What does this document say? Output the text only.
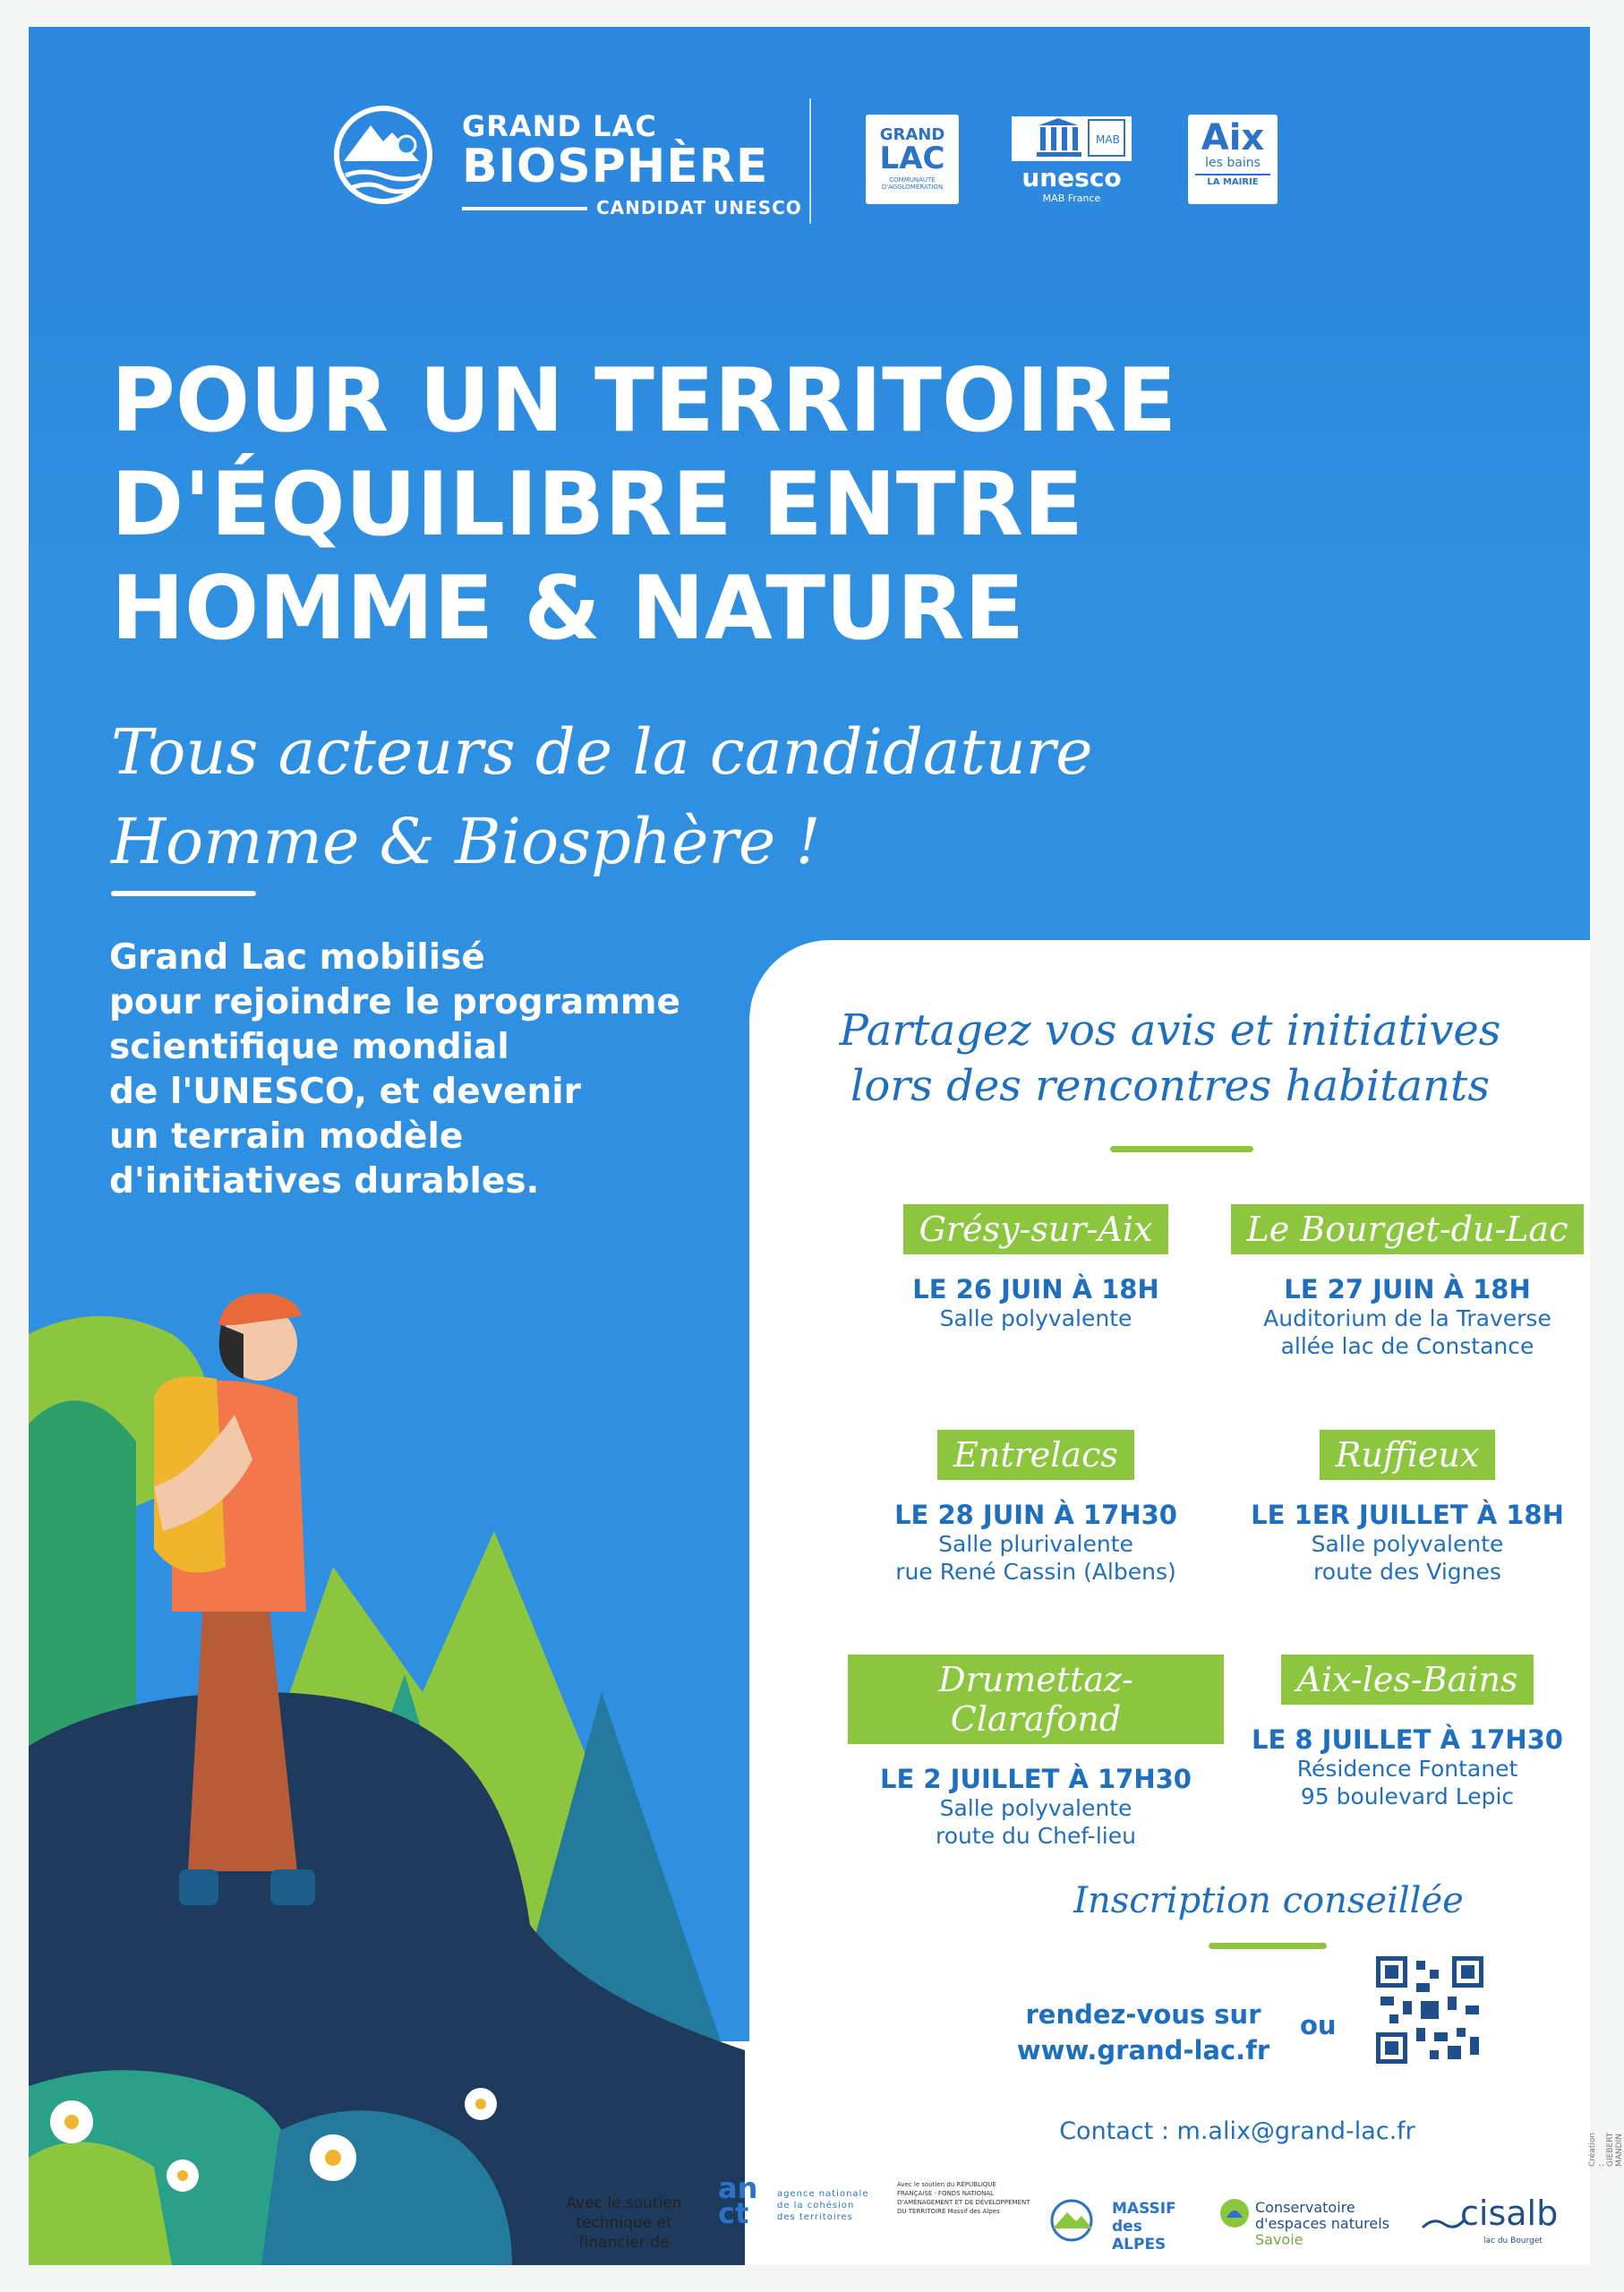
GRAND LAC
BIOSPHÈRE
CANDIDAT UNESCO
GRAND
LAC
COMMUNAUTÉ D'AGGLOMÉRATION
MAB
unesco
MAB France
Aix
les bains
LA MAIRIE
POUR UN TERRITOIRE
D'ÉQUILIBRE ENTRE
HOMME & NATURE
Tous acteurs de la candidature
Homme & Biosphère !
Grand Lac mobilisé
pour rejoindre le programme
scientifique mondial
de l'UNESCO, et devenir
un terrain modèle
d'initiatives durables.
Partagez vos avis et initiatives
lors des rencontres habitants
Grésy-sur-Aix
LE 26 JUIN À 18H
Salle polyvalente
Le Bourget-du-Lac
LE 27 JUIN À 18H
Auditorium de la Traverse
allée lac de Constance
Entrelacs
LE 28 JUIN À 17H30
Salle plurivalente
rue René Cassin (Albens)
Ruffieux
LE 1ER JUILLET À 18H
Salle polyvalente
route des Vignes
Drumettaz-Clarafond
LE 2 JUILLET À 17H30
Salle polyvalente
route du Chef-lieu
Aix-les-Bains
LE 8 JUILLET À 17H30
Résidence Fontanet
95 boulevard Lepic
Inscription conseillée
rendez-vous sur
www.grand-lac.fr
ou
Contact : m.alix@grand-lac.fr
Avec le soutien
technique et
financier de
an ct
agence nationale de la cohésion des territoires
Avec le soutien du RÉPUBLIQUE FRANÇAISE · FONDS NATIONAL D'AMÉNAGEMENT ET DE DÉVELOPPEMENT DU TERRITOIRE Massif des Alpes	MASSIF
des ALPES
Conservatoire
d'espaces naturels
Savoie
cisalb
lac du Bourget
Création : GIEBERT MANDIN
